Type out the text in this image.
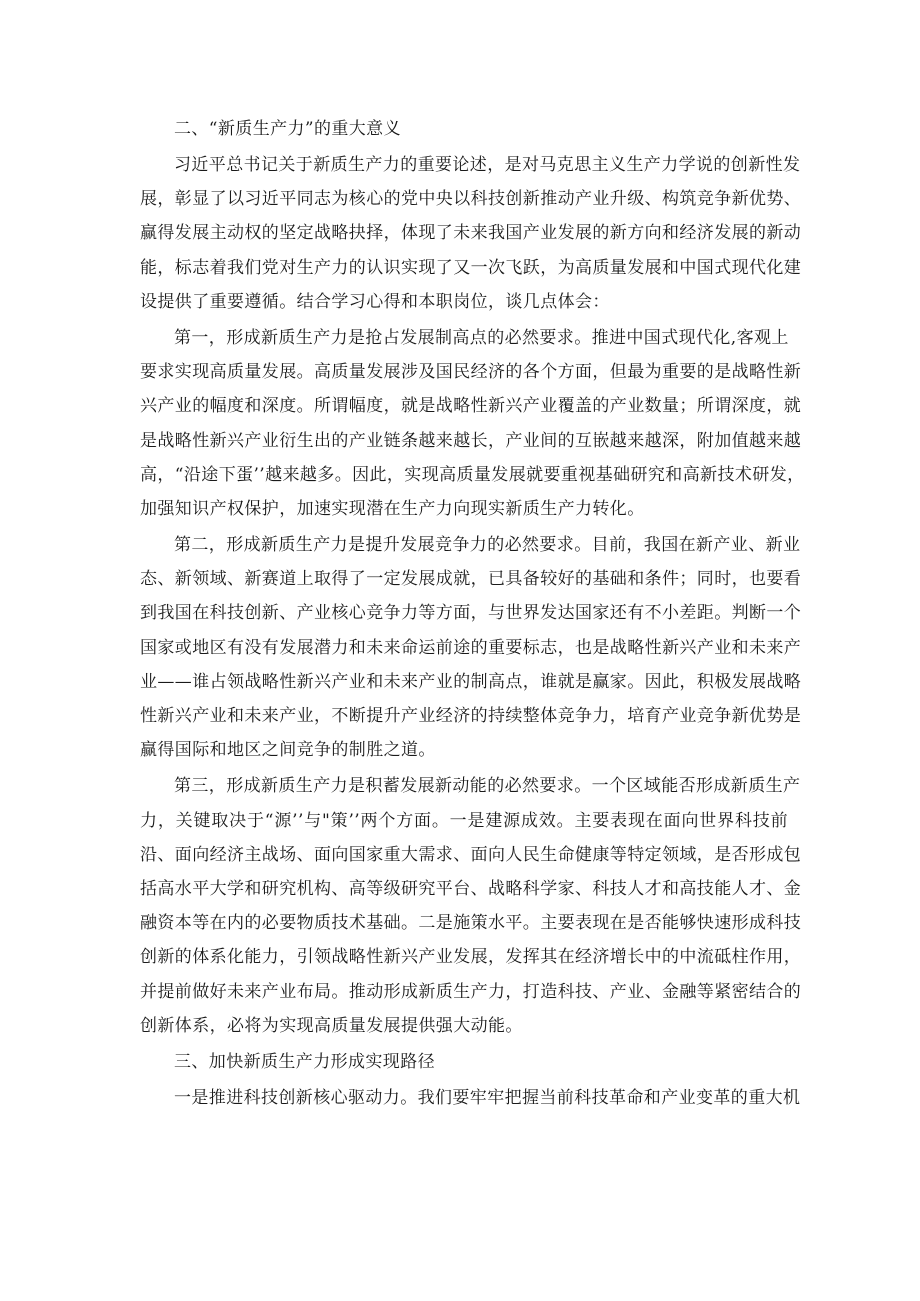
二、“新质生产力”的重大意义
习近平总书记关于新质生产力的重要论述，是对马克思主义生产力学说的创新性发
展，彰显了以习近平同志为核心的党中央以科技创新推动产业升级、构筑竞争新优势、
赢得发展主动权的坚定战略抉择，体现了未来我国产业发展的新方向和经济发展的新动
能，标志着我们党对生产力的认识实现了又一次飞跃，为高质量发展和中国式现代化建
设提供了重要遵循。结合学习心得和本职岗位，谈几点体会：
第一，形成新质生产力是抢占发展制高点的必然要求。推进中国式现代化,客观上
要求实现高质量发展。高质量发展涉及国民经济的各个方面，但最为重要的是战略性新
兴产业的幅度和深度。所谓幅度，就是战略性新兴产业覆盖的产业数量；所谓深度，就
是战略性新兴产业衍生出的产业链条越来越长，产业间的互嵌越来越深，附加值越来越
高，“沿途下蛋’’越来越多。因此，实现高质量发展就要重视基础研究和高新技术研发，
加强知识产权保护，加速实现潜在生产力向现实新质生产力转化。
第二，形成新质生产力是提升发展竞争力的必然要求。目前，我国在新产业、新业
态、新领域、新赛道上取得了一定发展成就，已具备较好的基础和条件；同时，也要看
到我国在科技创新、产业核心竞争力等方面，与世界发达国家还有不小差距。判断一个
国家或地区有没有发展潜力和未来命运前途的重要标志，也是战略性新兴产业和未来产
业——谁占领战略性新兴产业和未来产业的制高点，谁就是赢家。因此，积极发展战略
性新兴产业和未来产业，不断提升产业经济的持续整体竞争力，培育产业竞争新优势是
赢得国际和地区之间竞争的制胜之道。
第三，形成新质生产力是积蓄发展新动能的必然要求。一个区域能否形成新质生产
力，关键取决于“源’’与"策’’两个方面。一是建源成效。主要表现在面向世界科技前
沿、面向经济主战场、面向国家重大需求、面向人民生命健康等特定领域，是否形成包
括高水平大学和研究机构、高等级研究平台、战略科学家、科技人才和高技能人才、金
融资本等在内的必要物质技术基础。二是施策水平。主要表现在是否能够快速形成科技
创新的体系化能力，引领战略性新兴产业发展，发挥其在经济增长中的中流砥柱作用，
并提前做好未来产业布局。推动形成新质生产力，打造科技、产业、金融等紧密结合的
创新体系，必将为实现高质量发展提供强大动能。
三、加快新质生产力形成实现路径
一是推进科技创新核心驱动力。我们要牢牢把握当前科技革命和产业变革的重大机
